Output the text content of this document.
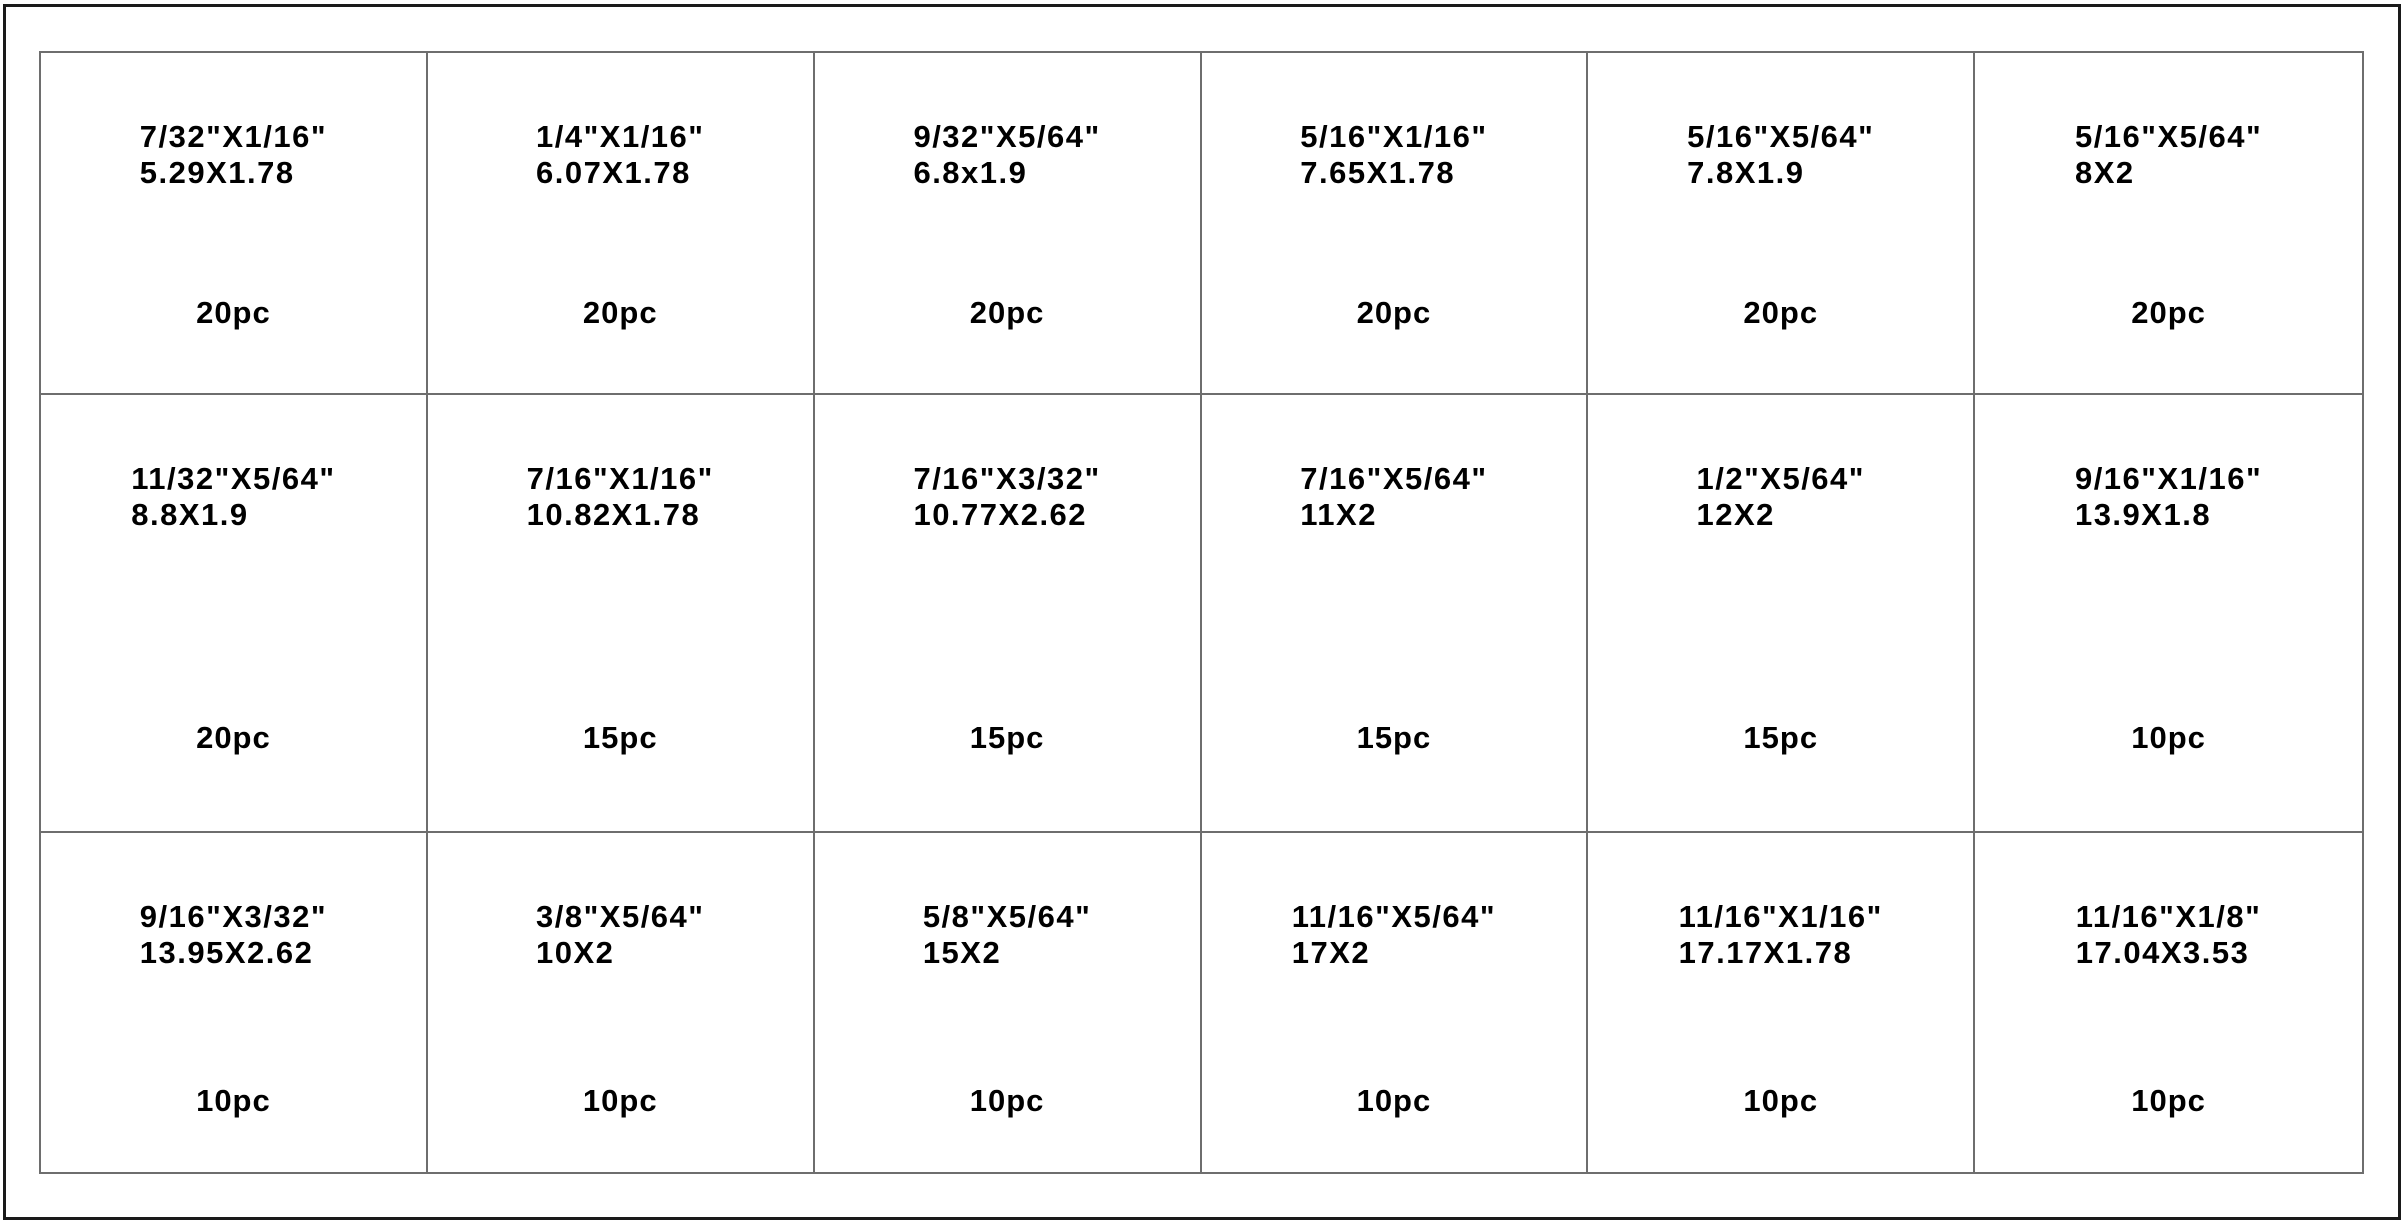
7/32"X1/16"
5.29X1.78
20pc
1/4"X1/16"
6.07X1.78
20pc
9/32"X5/64"
6.8x1.9
20pc
5/16"X1/16"
7.65X1.78
20pc
5/16"X5/64"
7.8X1.9
20pc
5/16"X5/64"
8X2
20pc
11/32"X5/64"
8.8X1.9
20pc
7/16"X1/16"
10.82X1.78
15pc
7/16"X3/32"
10.77X2.62
15pc
7/16"X5/64"
11X2
15pc
1/2"X5/64"
12X2
15pc
9/16"X1/16"
13.9X1.8
10pc
9/16"X3/32"
13.95X2.62
10pc
3/8"X5/64"
10X2
10pc
5/8"X5/64"
15X2
10pc
11/16"X5/64"
17X2
10pc
11/16"X1/16"
17.17X1.78
10pc
11/16"X1/8"
17.04X3.53
10pc
